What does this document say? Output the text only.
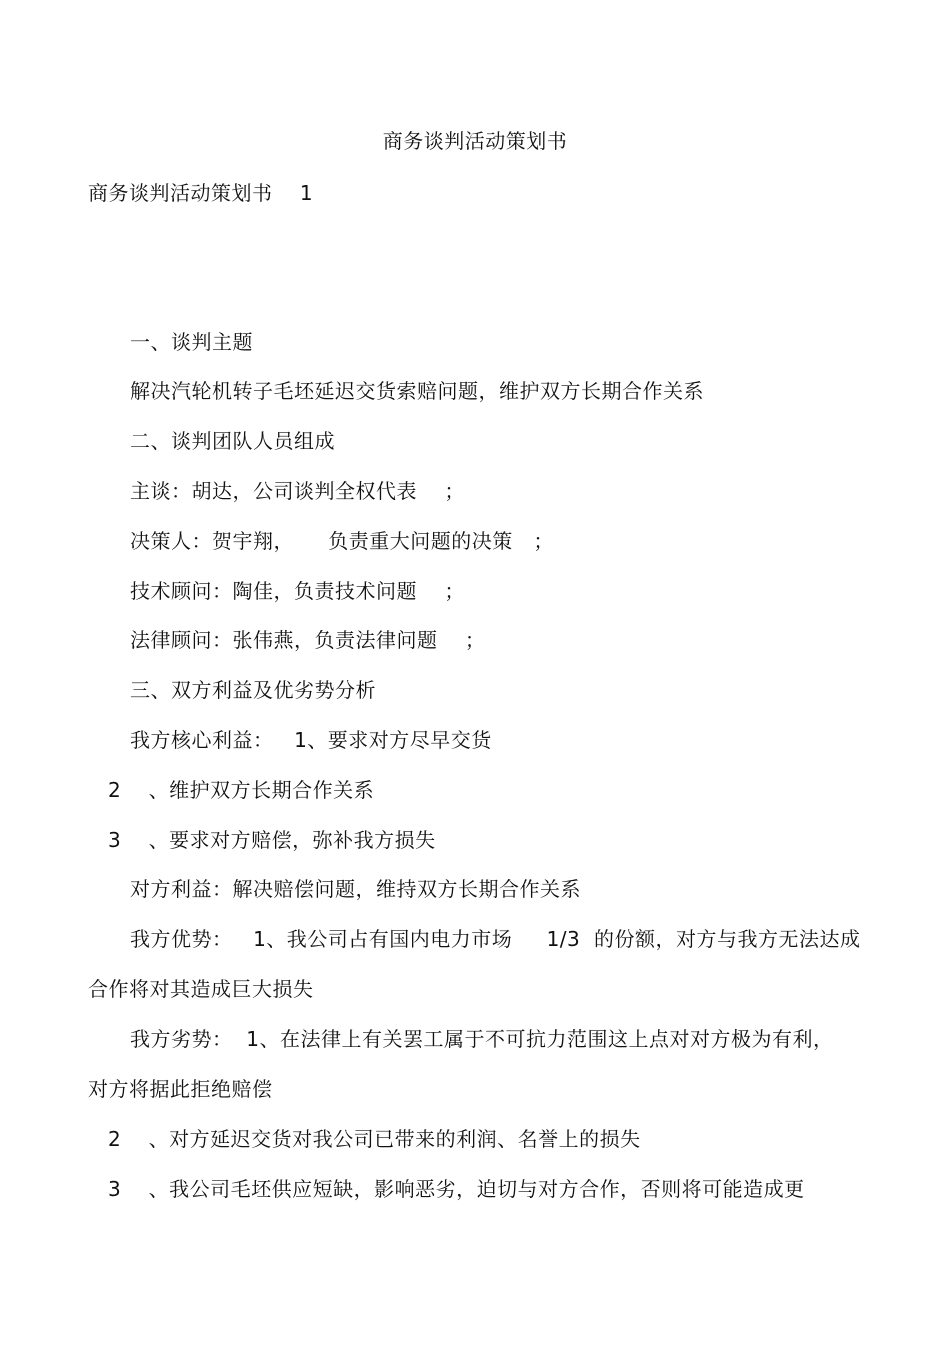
商务谈判活动策划书
商务谈判活动策划书    1
一、谈判主题
解决汽轮机转子毛坯延迟交货索赔问题，维护双方长期合作关系
二、谈判团队人员组成
主谈：胡达，公司谈判全权代表    ；
决策人：贺宇翔，     负责重大问题的决策   ；
技术顾问：陶佳，负责技术问题    ；
法律顾问：张伟燕，负责法律问题    ；
三、双方利益及优劣势分析
我方核心利益：   1、要求对方尽早交货
2    、维护双方长期合作关系
3    、要求对方赔偿，弥补我方损失
对方利益：解决赔偿问题，维持双方长期合作关系
我方优势：   1、我公司占有国内电力市场     1/3  的份额，对方与我方无法达成
合作将对其造成巨大损失
我方劣势：  1、在法律上有关罢工属于不可抗力范围这上点对对方极为有利，
对方将据此拒绝赔偿
2    、对方延迟交货对我公司已带来的利润、名誉上的损失
3    、我公司毛坯供应短缺，影响恶劣，迫切与对方合作，否则将可能造成更
